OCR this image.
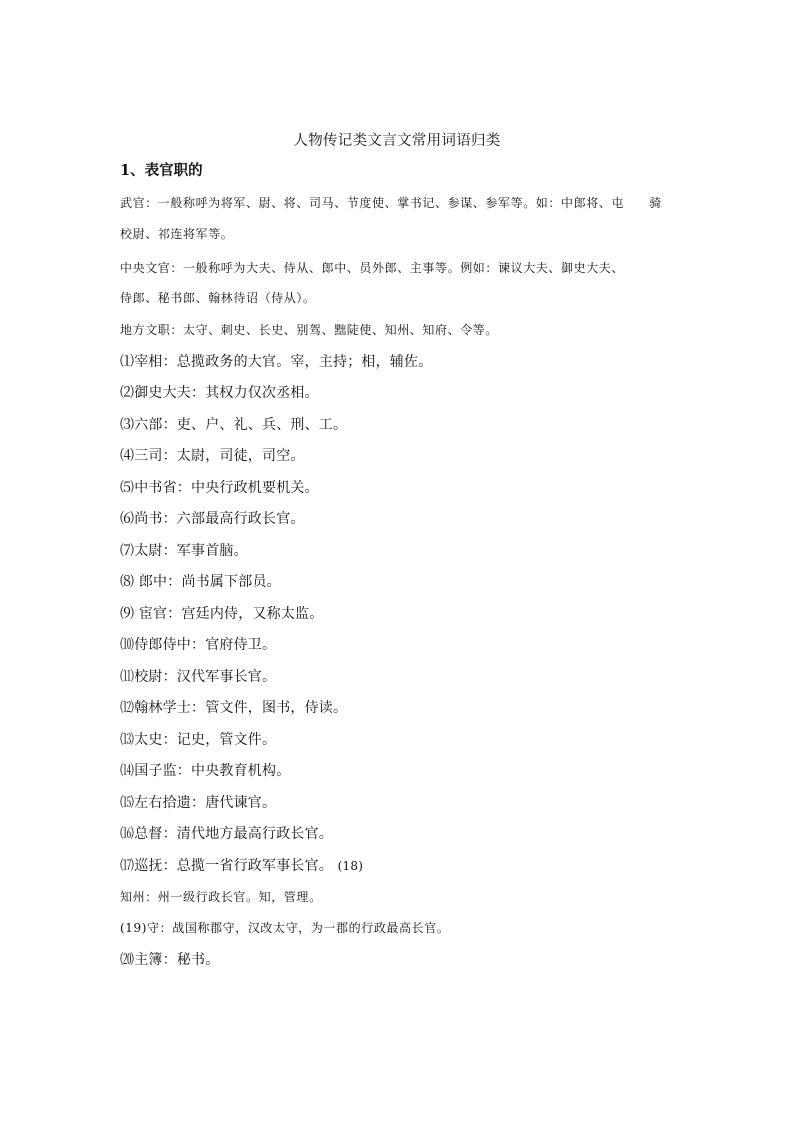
人物传记类文言文常用词语归类
1、表官职的
武官：一般称呼为将军、尉、将、司马、节度使、掌书记、参谋、参军等。如：中郎将、屯　　骑
校尉、祁连将军等。
中央文官：一般称呼为大夫、侍从、郎中、员外郎、主事等。例如：谏议大夫、御史大夫、
侍郎、秘书郎、翰林待诏（侍从）。
地方文职：太守、刺史、长史、别驾、黜陡使、知州、知府、令等。
⑴宰相：总揽政务的大官。宰，主持；相，辅佐。
⑵御史大夫：其权力仅次丞相。
⑶六部：吏、户、礼、兵、刑、工。
⑷三司：太尉，司徒，司空。
⑸中书省：中央行政机要机关。
⑹尚书：六部最高行政长官。
⑺太尉：军事首脑。
⑻ 郎中：尚书属下部员。
⑼ 宦官：宫廷内侍，又称太监。
⑽侍郎侍中：官府侍卫。
⑾校尉：汉代军事长官。
⑿翰林学士：管文件，图书，侍读。
⒀太史：记史，管文件。
⒁国子监：中央教育机构。
⒂左右拾遗：唐代谏官。
⒃总督：清代地方最高行政长官。
⒄巡抚：总揽一省行政军事长官。 (18)
知州：州一级行政长官。知，管理。
(19)守：战国称郡守，汉改太守，为一郡的行政最高长官。
⒇主簿：秘书。
